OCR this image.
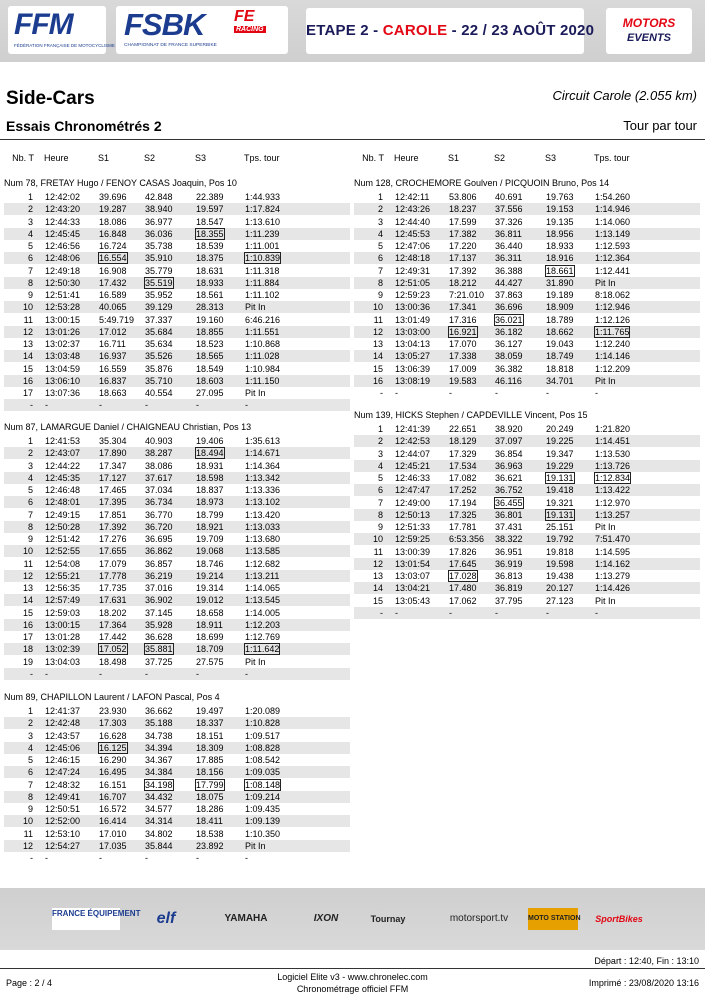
FFM
FÉDÉRATION FRANÇAISE DE MOTOCYCLISME
FSBK FE
RACING
CHAMPIONNAT DE FRANCE SUPERBIKE
ETAPE 2 - CAROLE - 22 / 23 AOÛT 2020	MOTORS
EVENTS
Side-Cars
Essais Chronométrés 2
Circuit Carole (2.055 km)
Tour par tour
Nb. T Heure	S1	S2	S3	Tps. tour	Nb. T Heure	S1	S2	S3	Tps. tour
Num 78, FRETAY Hugo / FENOY CASAS Joaquin, Pos 10
1 12:42:02 39.696 42.848	22.389 1:44.933
2 12:43:20 19.287 38.940	19.597 1:17.824
3 12:44:33 18.086 36.977	18.547 1:13.610
4 12:45:45 16.848 36.036	18.355 1:11.239
5 12:46:56 16.724 35.738	18.539 1:11.001
6 12:48:06 16.554 35.910	18.375 1:10.839
7 12:49:18 16.908 35.779	18.631 1:11.318
8 12:50:30 17.432 35.519	18.933 1:11.884
9 12:51:41 16.589 35.952	18.561 1:11.102
10 12:53:28 40.065 39.129	28.313 Pit In
11 13:00:15 5:49.719 37.337	19.160 6:46.216
12 13:01:26 17.012 35.684	18.855 1:11.551
13 13:02:37 16.711 35.634	18.523 1:10.868
14 13:03:48 16.937 35.526	18.565 1:11.028
15 13:04:59 16.559 35.876	18.549 1:10.984
16 13:06:10 16.837 35.710	18.603 1:11.150
17 13:07:36 18.663 40.554	27.095 Pit In
- -	-	-	-	-
Num 87, LAMARGUE Daniel / CHAIGNEAU Christian, Pos 13
1 12:41:53 35.304 40.903	19.406 1:35.613
2 12:43:07 17.890 38.287	18.494 1:14.671
3 12:44:22 17.347 38.086	18.931 1:14.364
4 12:45:35 17.127 37.617	18.598 1:13.342
5 12:46:48 17.465 37.034	18.837 1:13.336
6 12:48:01 17.395 36.734	18.973 1:13.102
7 12:49:15 17.851 36.770	18.799 1:13.420
8 12:50:28 17.392 36.720	18.921 1:13.033
9 12:51:42 17.276 36.695	19.709 1:13.680
10 12:52:55 17.655 36.862	19.068 1:13.585
11 12:54:08 17.079 36.857	18.746 1:12.682
12 12:55:21 17.778 36.219	19.214 1:13.211
13 12:56:35 17.735 37.016	19.314 1:14.065
14 12:57:49 17.631 36.902	19.012 1:13.545
15 12:59:03 18.202 37.145	18.658 1:14.005
16 13:00:15 17.364 35.928	18.911 1:12.203
17 13:01:28 17.442 36.628	18.699 1:12.769
18 13:02:39 17.052 35.881	18.709 1:11.642
19 13:04:03 18.498 37.725	27.575 Pit In
- -	-	-	-	-
Num 89, CHAPILLON Laurent / LAFON Pascal, Pos 4
1 12:41:37 23.930 36.662	19.497 1:20.089
2 12:42:48 17.303 35.188	18.337 1:10.828
3 12:43:57 16.628 34.738	18.151 1:09.517
4 12:45:06 16.125 34.394	18.309 1:08.828
5 12:46:15 16.290 34.367	17.885 1:08.542
6 12:47:24 16.495 34.384	18.156 1:09.035
7 12:48:32 16.151 34.198	17.799 1:08.148
8 12:49:41 16.707 34.432	18.075 1:09.214
9 12:50:51 16.572 34.577	18.286 1:09.435
10 12:52:00 16.414 34.314	18.411 1:09.139
11 12:53:10 17.010 34.802	18.538 1:10.350
12 12:54:27 17.035 35.844	23.892 Pit In
- -	-	-	-	-
Num 128, CROCHEMORE Goulven / PICQUOIN Bruno, Pos 14
1 12:42:11 53.806 40.691	19.763 1:54.260
2 12:43:26 18.237 37.556	19.153 1:14.946
3 12:44:40 17.599 37.326	19.135 1:14.060
4 12:45:53 17.382 36.811	18.956 1:13.149
5 12:47:06 17.220 36.440	18.933 1:12.593
6 12:48:18 17.137 36.311	18.916 1:12.364
7 12:49:31 17.392 36.388	18.661 1:12.441
8 12:51:05 18.212 44.427	31.890 Pit In
9 12:59:23 7:21.010 37.863	19.189 8:18.062
10 13:00:36 17.341 36.696	18.909 1:12.946
11 13:01:49 17.316 36.021	18.789 1:12.126
12 13:03:00 16.921 36.182	18.662 1:11.765
13 13:04:13 17.070 36.127	19.043 1:12.240
14 13:05:27 17.338 38.059	18.749 1:14.146
15 13:06:39 17.009 36.382	18.818 1:12.209
16 13:08:19 19.583 46.116	34.701 Pit In
- -	-	-	-	-
Num 139, HICKS Stephen / CAPDEVILLE Vincent, Pos 15
1 12:41:39 22.651 38.920	20.249 1:21.820
2 12:42:53 18.129 37.097	19.225 1:14.451
3 12:44:07 17.329 36.854	19.347 1:13.530
4 12:45:21 17.534 36.963	19.229 1:13.726
5 12:46:33 17.082 36.621	19.131 1:12.834
6 12:47:47 17.252 36.752	19.418 1:13.422
7 12:49:00 17.194 36.455	19.321 1:12.970
8 12:50:13 17.325 36.801	19.131 1:13.257
9 12:51:33 17.781 37.431	25.151 Pit In
10 12:59:25 6:53.356 38.322	19.792 7:51.470
11 13:00:39 17.826 36.951	19.818 1:14.595
12 13:01:54 17.645 36.919	19.598 1:14.162
13 13:03:07 17.028 36.813	19.438 1:13.279
14 13:04:21 17.480 36.819	20.127 1:14.426
15 13:05:43 17.062 37.795	27.123 Pit In
- -	-	-	-	-
FRANCE ÉQUIPEMENT	elf	YAMAHA	IXON	Tournay	motorsport.tv	MOTO STATION	SportBikes
Départ : 12:40, Fin : 13:10
Page : 2 / 4
Logiciel Elite v3 - www.chronelec.com
Chronométrage officiel FFM
Imprimé : 23/08/2020 13:16
